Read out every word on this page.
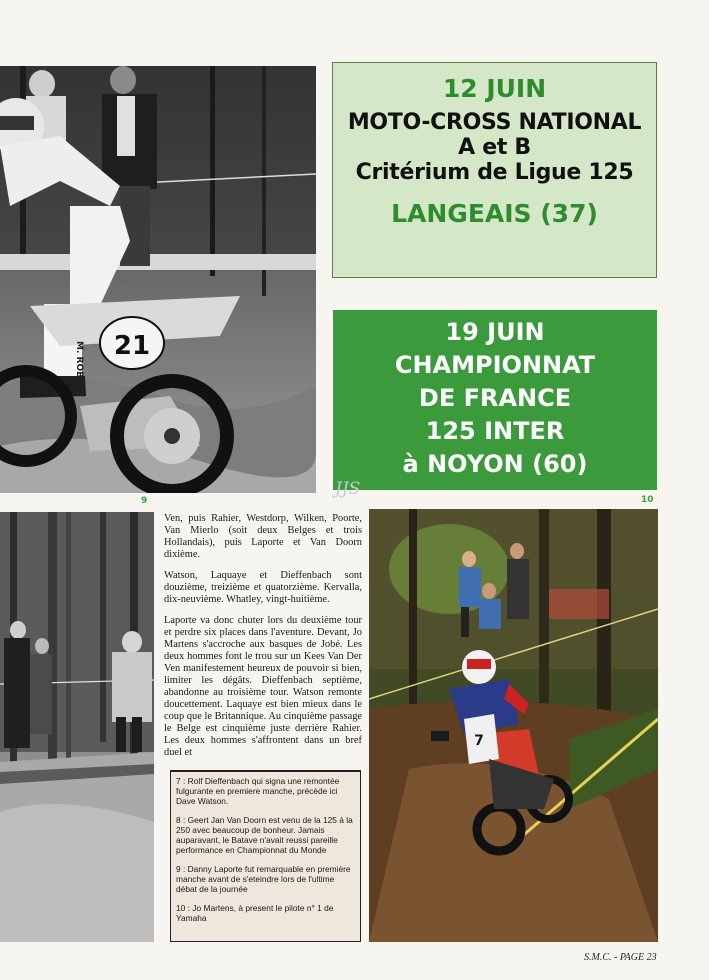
21
M. ROBERT
12 JUIN
MOTO-CROSS NATIONAL
A et B
Critérium de Ligue 125
LANGEAIS (37)
19 JUIN
CHAMPIONNAT
DE FRANCE
125 INTER
à NOYON (60)
9	10
JJS

Ven, puis Rahier, Westdorp, Wilken, Poorte, Van Mierlo (soit deux Belges et trois Hollandais), puis Laporte et Van Doorn dixième.

Watson, Laquaye et Dieffenbach sont douzième, treizième et quatorzième. Kervalla, dix-neuvième. Whatley, vingt-huitième.

Laporte va donc chuter lors du deuxième tour et perdre six places dans l'aventure. Devant, Jo Martens s'accroche aux basques de Jobé. Les deux hommes font le trou sur un Kees Van Der Ven manifestement heureux de pouvoir si bien, limiter les dégâts. Dieffenbach septième, abandonne au troisième tour. Watson remonte doucettement. Laquaye est bien mieux dans le coup que le Britannique. Au cinquième passage le Belge est cinquième juste derrière Rahier. Les deux hommes s'affrontent dans un bref duel et

7 : Rolf Dieffenbach qui signa une remontée fulgurante en premiere manche, précède ici Dave Watson.

8 : Geert Jan Van Doorn est venu de la 125 à la 250 avec beaucoup de bonheur. Jamais auparavant, le Batave n'avait reussi pareille performance en Championnat du Monde

9 : Danny Laporte fut remarquable en première manche avant de s'eteindre lors de l'ultime débat de la journée

10 : Jo Martens, à present le pilote n° 1 de Yamaha

7
S.M.C. - PAGE 23
